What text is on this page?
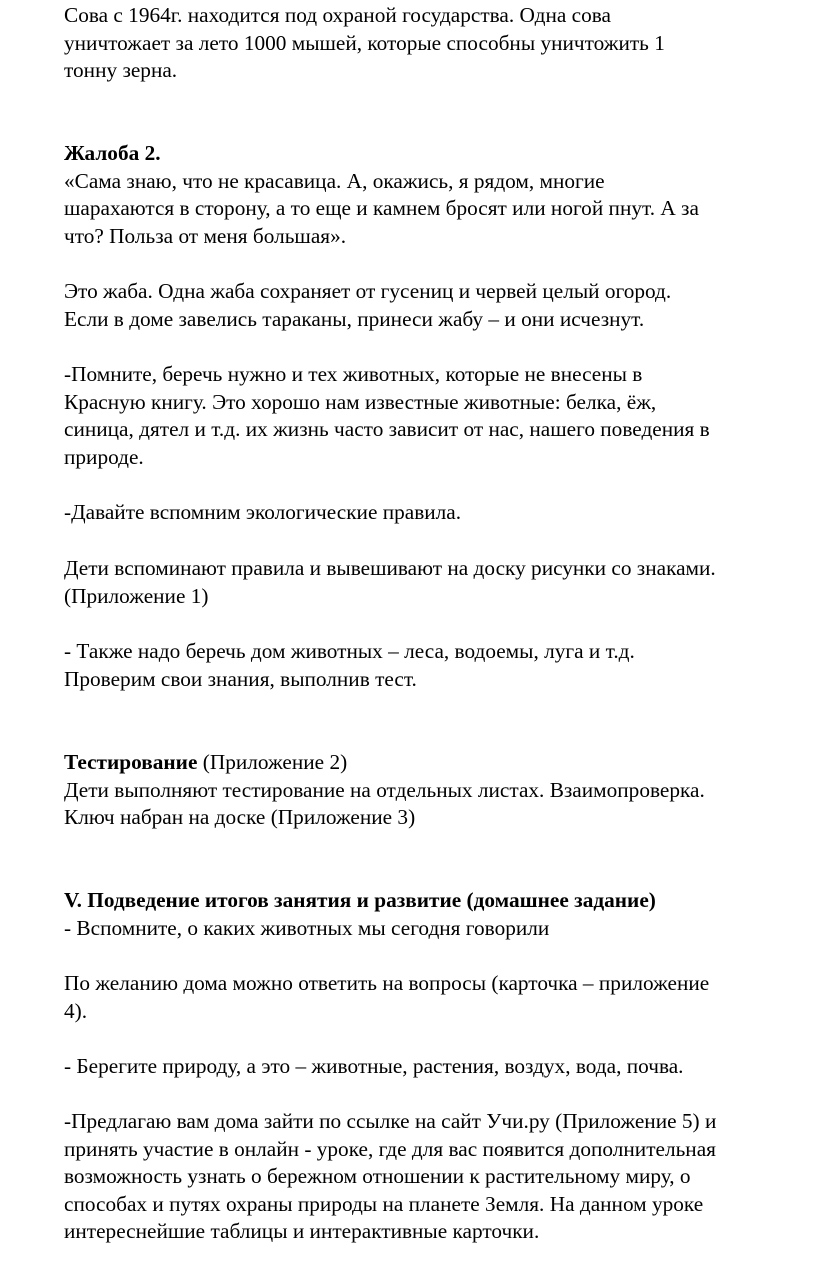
Сова с 1964г. находится под охраной государства. Одна сова
уничтожает за лето 1000 мышей, которые способны уничтожить 1
тонну зерна.

Жалоба 2.
«Сама знаю, что не красавица. А, окажись, я рядом, многие
шарахаются в сторону, а то еще и камнем бросят или ногой пнут. А за
что? Польза от меня большая».

Это жаба. Одна жаба сохраняет от гусениц и червей целый огород.
Если в доме завелись тараканы, принеси жабу – и они исчезнут.

-Помните, беречь нужно и тех животных, которые не внесены в
Красную книгу. Это хорошо нам известные животные: белка, ёж,
синица, дятел и т.д. их жизнь часто зависит от нас, нашего поведения в
природе.

-Давайте вспомним экологические правила.

Дети вспоминают правила и вывешивают на доску рисунки со знаками.
(Приложение 1)

- Также надо беречь дом животных – леса, водоемы, луга и т.д.
Проверим свои знания, выполнив тест.

Тестирование (Приложение 2)
Дети выполняют тестирование на отдельных листах. Взаимопроверка.
Ключ набран на доске (Приложение 3)

V. Подведение итогов занятия и развитие (домашнее задание)
- Вспомните, о каких животных мы сегодня говорили

По желанию дома можно ответить на вопросы (карточка – приложение
4).

- Берегите природу, а это – животные, растения, воздух, вода, почва.

-Предлагаю вам дома зайти по ссылке на сайт Учи.ру (Приложение 5) и
принять участие в онлайн - уроке, где для вас появится дополнительная
возможность узнать о бережном отношении к растительному миру, о
способах и путях охраны природы на планете Земля. На данном уроке
интереснейшие таблицы и интерактивные карточки.
